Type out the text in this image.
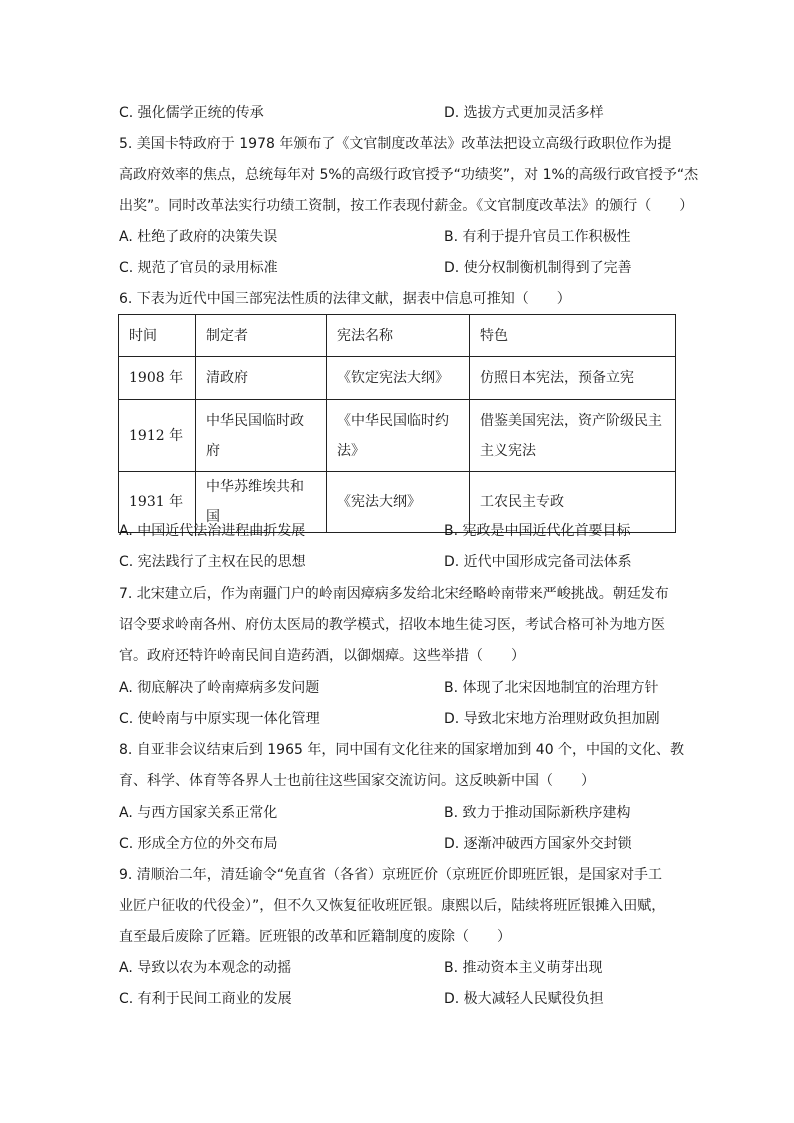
C. 强化儒学正统的传承	D. 选拔方式更加灵活多样
5. 美国卡特政府于 1978 年颁布了《文官制度改革法》改革法把设立高级行政职位作为提
高政府效率的焦点，总统每年对 5%的高级行政官授予“功绩奖”，对 1%的高级行政官授予“杰
出奖”。同时改革法实行功绩工资制，按工作表现付薪金。《文官制度改革法》的颁行（　　）
A. 杜绝了政府的决策失误	B. 有利于提升官员工作积极性
C. 规范了官员的录用标准	D. 使分权制衡机制得到了完善
6. 下表为近代中国三部宪法性质的法律文献，据表中信息可推知（　　）
时间	制定者	宪法名称	特色
1908 年	清政府	《钦定宪法大纲》	仿照日本宪法，预备立宪
1912 年	中华民国临时政府	《中华民国临时约法》	借鉴美国宪法，资产阶级民主主义宪法
1931 年	中华苏维埃共和国	《宪法大纲》	工农民主专政
A. 中国近代法治进程曲折发展	B. 宪政是中国近代化首要目标
C. 宪法践行了主权在民的思想	D. 近代中国形成完备司法体系
7. 北宋建立后，作为南疆门户的岭南因瘴病多发给北宋经略岭南带来严峻挑战。朝廷发布
诏令要求岭南各州、府仿太医局的教学模式，招收本地生徒习医，考试合格可补为地方医
官。政府还特许岭南民间自造药酒，以御烟瘴。这些举措（　　）
A. 彻底解决了岭南瘴病多发问题	B. 体现了北宋因地制宜的治理方针
C. 使岭南与中原实现一体化管理	D. 导致北宋地方治理财政负担加剧
8. 自亚非会议结束后到 1965 年，同中国有文化往来的国家增加到 40 个，中国的文化、教
育、科学、体育等各界人士也前往这些国家交流访问。这反映新中国（　　）
A. 与西方国家关系正常化	B. 致力于推动国际新秩序建构
C. 形成全方位的外交布局	D. 逐渐冲破西方国家外交封锁
9. 清顺治二年，清廷谕令“免直省（各省）京班匠价（京班匠价即班匠银，是国家对手工
业匠户征收的代役金）”，但不久又恢复征收班匠银。康熙以后，陆续将班匠银摊入田赋，
直至最后废除了匠籍。匠班银的改革和匠籍制度的废除（　　）
A. 导致以农为本观念的动摇	B. 推动资本主义萌芽出现
C. 有利于民间工商业的发展	D. 极大减轻人民赋役负担
